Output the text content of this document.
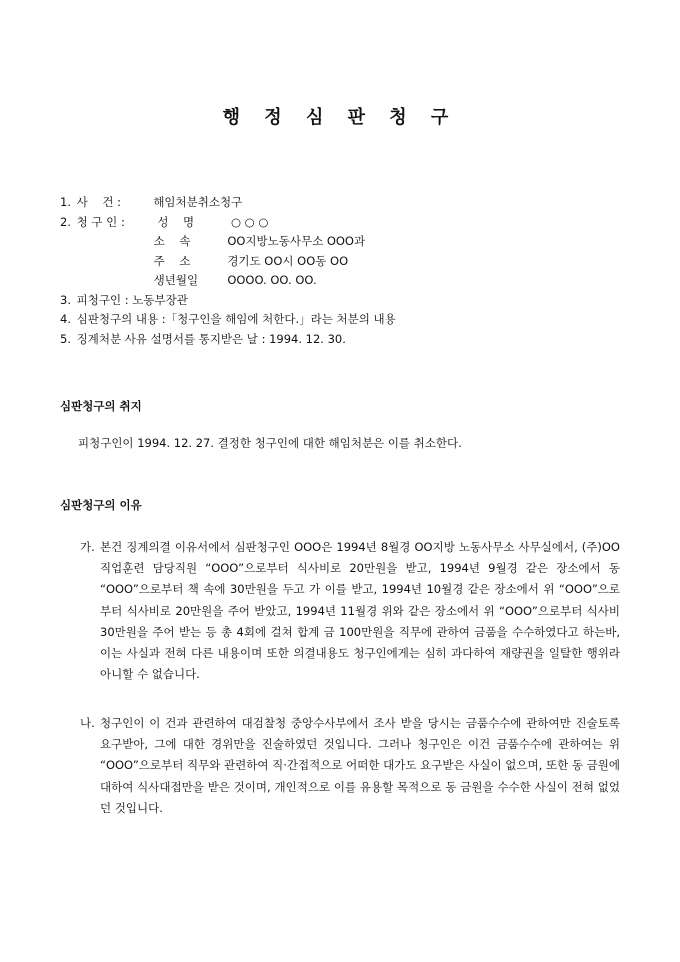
행 정 심 판 청 구
1. 사    건 :	해임처분취소청구
2. 청 구 인 :	성    명	○ ○ ○
소    속	OO지방노동사무소 OOO과
주    소	경기도 OO시 OO동 OO
생년월일	OOOO. OO. OO.
3. 피청구인 : 노동부장관
4. 심판청구의 내용 :「청구인을 해임에 처한다.」라는 처분의 내용
5. 징계처분 사유 설명서를 통지받은 날 : 1994. 12. 30.
심판청구의 취지
피청구인이 1994. 12. 27. 결정한 청구인에 대한 해임처분은 이를 취소한다.
심판청구의 이유
가. 본건 징계의결 이유서에서 심판청구인 OOO은 1994년 8월경 OO지방 노동사무소 사무실에서, (주)OO직업훈련 담당직원 “OOO”으로부터 식사비로 20만원을 받고, 1994년 9월경 같은 장소에서 동 “OOO”으로부터 책 속에 30만원을 두고 가 이를 받고, 1994년 10월경 같은 장소에서 위 “OOO”으로부터 식사비로 20만원을 주어 받았고, 1994년 11월경 위와 같은 장소에서 위 “OOO”으로부터 식사비 30만원을 주어 받는 등 총 4회에 걸쳐 합계 금 100만원을 직무에 관하여 금품을 수수하였다고 하는바, 이는 사실과 전혀 다른 내용이며 또한 의결내용도 청구인에게는 심히 과다하여 재량권을 일탈한 행위라 아니할 수 없습니다.
나. 청구인이 이 건과 관련하여 대검찰청 중앙수사부에서 조사 받을 당시는 금품수수에 관하여만 진술토록 요구받아, 그에 대한 경위만을 진술하였던 것입니다. 그러나 청구인은 이건 금품수수에 관하여는 위 “OOO”으로부터 직무와 관련하여 직·간접적으로 어떠한 대가도 요구받은 사실이 없으며, 또한 동 금원에 대하여 식사대접만을 받은 것이며, 개인적으로 이를 유용할 목적으로 동 금원을 수수한 사실이 전혀 없었던 것입니다.
